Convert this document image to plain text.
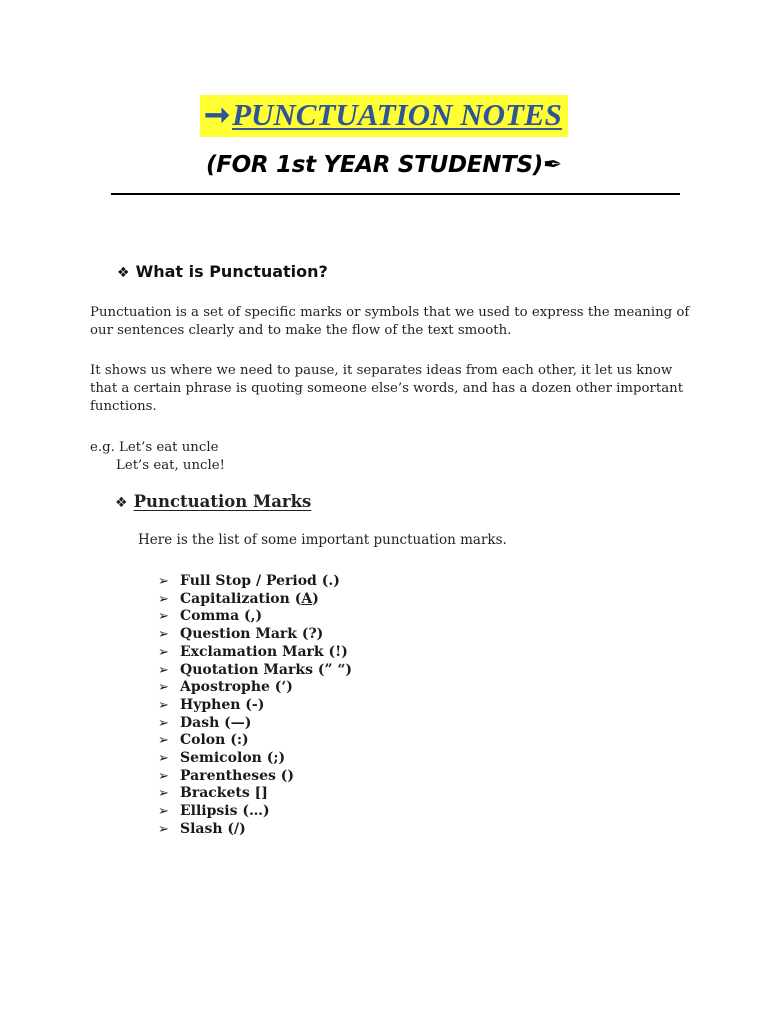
➞PUNCTUATION NOTES
(FOR 1st YEAR STUDENTS)✒
❖ What is Punctuation?
Punctuation is a set of specific marks or symbols that we used to express the meaning of
our sentences clearly and to make the flow of the text smooth.
It shows us where we need to pause, it separates ideas from each other, it let us know
that a certain phrase is quoting someone else’s words, and has a dozen other important
functions.
e.g. Let’s eat uncle
Let’s eat, uncle!
❖ Punctuation Marks
Here is the list of some important punctuation marks.
➢ Full Stop / Period (.)
➢ Capitalization (A)
➢ Comma (,)
➢ Question Mark (?)
➢ Exclamation Mark (!)
➢ Quotation Marks (” “)
➢ Apostrophe (‘)
➢ Hyphen (-)
➢ Dash (—)
➢ Colon (:)
➢ Semicolon (;)
➢ Parentheses ()
➢ Brackets []
➢ Ellipsis (…)
➢ Slash (/)
